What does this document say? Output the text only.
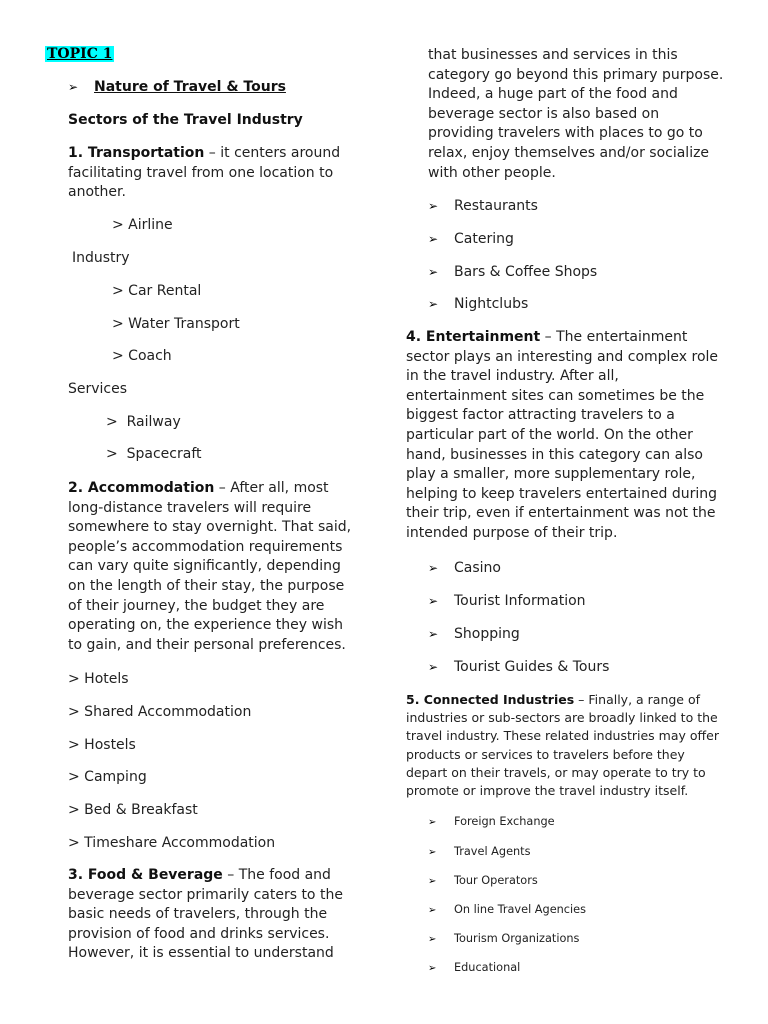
TOPIC 1

➢ Nature of Travel & Tours

Sectors of the Travel Industry

1. Transportation – it centers around facilitating travel from one location to another.

> Airline

Industry

> Car Rental

> Water Transport

> Coach

Services

>  Railway

>  Spacecraft

2. Accommodation – After all, most long-distance travelers will require somewhere to stay overnight. That said, people’s accommodation requirements can vary quite significantly, depending on the length of their stay, the purpose of their journey, the budget they are operating on, the experience they wish to gain, and their personal preferences.

> Hotels

> Shared Accommodation

> Hostels

> Camping

> Bed & Breakfast

> Timeshare Accommodation

3. Food & Beverage – The food and beverage sector primarily caters to the basic needs of travelers, through the provision of food and drinks services. However, it is essential to understand

that businesses and services in this category go beyond this primary purpose. Indeed, a huge part of the food and beverage sector is also based on providing travelers with places to go to relax, enjoy themselves and/or socialize with other people.

➢ Restaurants

➢ Catering

➢ Bars & Coffee Shops

➢ Nightclubs

4. Entertainment – The entertainment sector plays an interesting and complex role in the travel industry. After all, entertainment sites can sometimes be the biggest factor attracting travelers to a particular part of the world. On the other hand, businesses in this category can also play a smaller, more supplementary role, helping to keep travelers entertained during their trip, even if entertainment was not the intended purpose of their trip.

➢ Casino

➢ Tourist Information

➢ Shopping

➢ Tourist Guides & Tours

5. Connected Industries – Finally, a range of industries or sub-sectors are broadly linked to the travel industry. These related industries may offer products or services to travelers before they depart on their travels, or may operate to try to promote or improve the travel industry itself.

➢ Foreign Exchange

➢ Travel Agents

➢ Tour Operators

➢ On line Travel Agencies

➢ Tourism Organizations

➢ Educational
